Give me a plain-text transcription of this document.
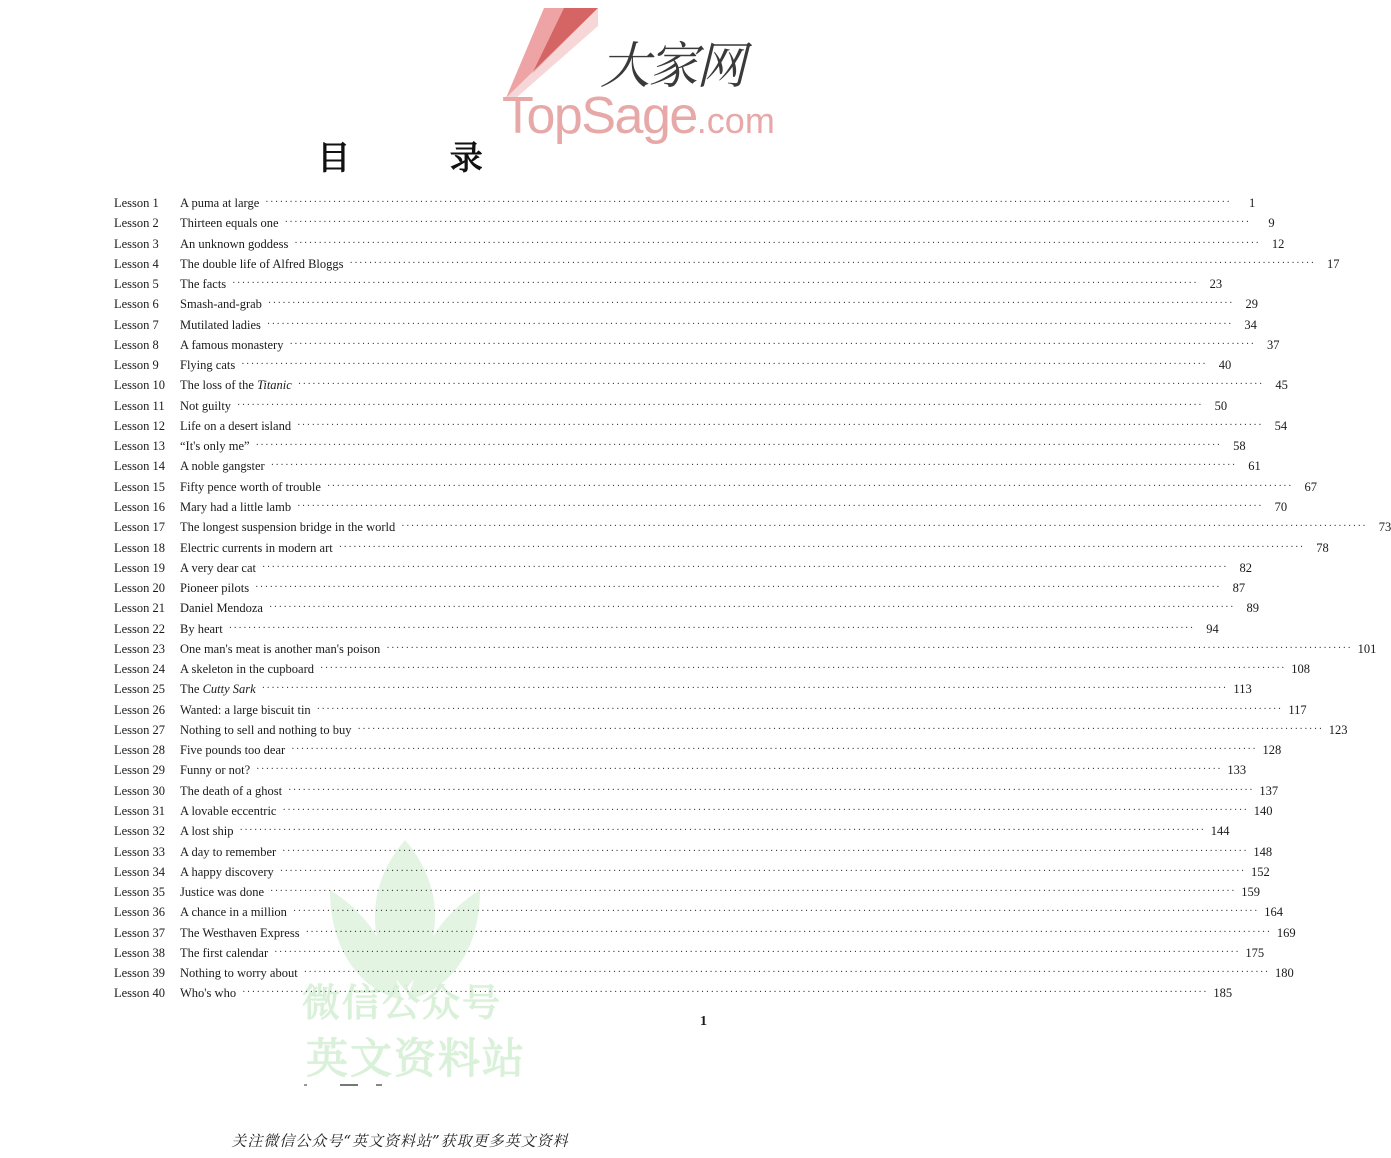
大家网
TopSage.com
目 录
微信公众号
英文资料站
Lesson 1	A puma at large ········································································································································································································	1
Lesson 2	Thirteen equals one ········································································································································································································	9
Lesson 3	An unknown goddess ········································································································································································································ 12
Lesson 4	The double life of Alfred Bloggs ········································································································································································································ 17
Lesson 5	The facts ········································································································································································································ 23
Lesson 6	Smash-and-grab ········································································································································································································ 29
Lesson 7	Mutilated ladies ········································································································································································································ 34
Lesson 8	A famous monastery ········································································································································································································ 37
Lesson 9	Flying cats ········································································································································································································ 40
Lesson 10	The loss of the Titanic ········································································································································································································ 45
Lesson 11	Not guilty ········································································································································································································ 50
Lesson 12	Life on a desert island ········································································································································································································ 54
Lesson 13	“It's only me” ········································································································································································································ 58
Lesson 14	A noble gangster ········································································································································································································ 61
Lesson 15	Fifty pence worth of trouble ········································································································································································································ 67
Lesson 16	Mary had a little lamb ········································································································································································································ 70
Lesson 17	The longest suspension bridge in the world ········································································································································································································ 73
Lesson 18	Electric currents in modern art ········································································································································································································ 78
Lesson 19	A very dear cat ········································································································································································································ 82
Lesson 20	Pioneer pilots ········································································································································································································ 87
Lesson 21	Daniel Mendoza ········································································································································································································ 89
Lesson 22	By heart ········································································································································································································ 94
Lesson 23	One man's meat is another man's poison ········································································································································································································ 101
Lesson 24	A skeleton in the cupboard ········································································································································································································ 108
Lesson 25	The Cutty Sark ········································································································································································································ 113
Lesson 26	Wanted: a large biscuit tin ········································································································································································································ 117
Lesson 27	Nothing to sell and nothing to buy ········································································································································································································ 123
Lesson 28	Five pounds too dear ········································································································································································································ 128
Lesson 29	Funny or not? ········································································································································································································ 133
Lesson 30	The death of a ghost ········································································································································································································ 137
Lesson 31	A lovable eccentric ········································································································································································································ 140
Lesson 32	A lost ship ········································································································································································································ 144
Lesson 33	A day to remember ········································································································································································································ 148
Lesson 34	A happy discovery ········································································································································································································ 152
Lesson 35	Justice was done ········································································································································································································ 159
Lesson 36	A chance in a million ········································································································································································································ 164
Lesson 37	The Westhaven Express ········································································································································································································ 169
Lesson 38	The first calendar ········································································································································································································ 175
Lesson 39	Nothing to worry about ········································································································································································································ 180
Lesson 40	Who's who ········································································································································································································ 185
1
关注微信公众号“英文资料站”获取更多英文资料
